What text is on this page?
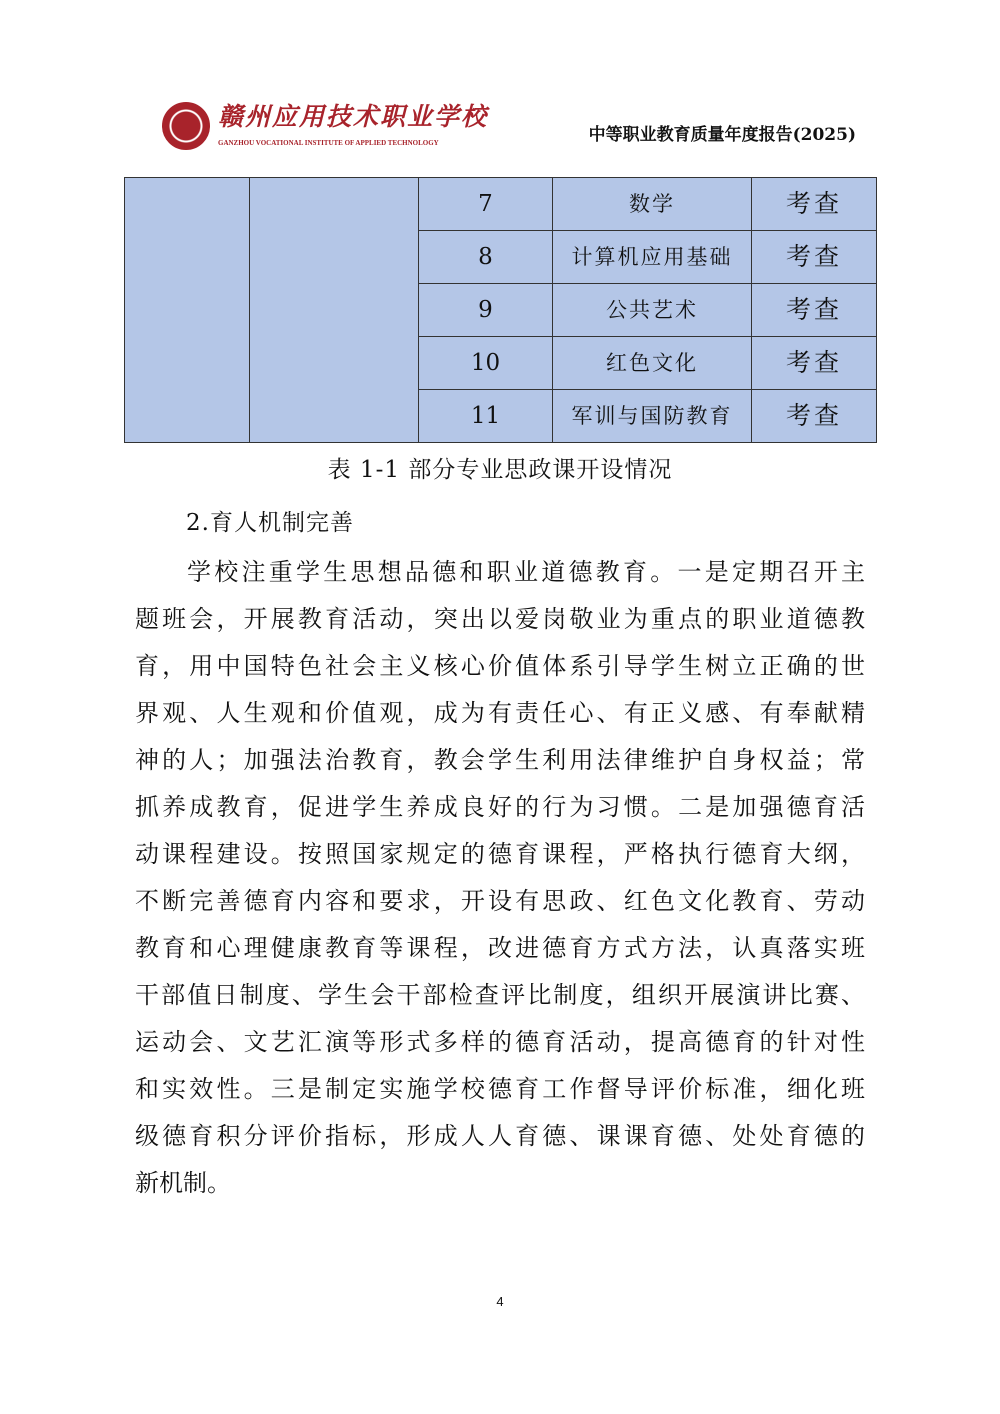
赣州应用技术职业学校
GANZHOU VOCATIONAL INSTITUTE OF APPLIED TECHNOLOGY	中等职业教育质量年度报告(2025)
		7	数学	考查
		8	计算机应用基础	考查
		9	公共艺术	考查
		10	红色文化	考查
		11	军训与国防教育	考查
表 1-1 部分专业思政课开设情况
2.育人机制完善
学校注重学生思想品德和职业道德教育。一是定期召开主
题班会，开展教育活动，突出以爱岗敬业为重点的职业道德教
育，用中国特色社会主义核心价值体系引导学生树立正确的世
界观、人生观和价值观，成为有责任心、有正义感、有奉献精
神的人；加强法治教育，教会学生利用法律维护自身权益；常
抓养成教育，促进学生养成良好的行为习惯。二是加强德育活
动课程建设。按照国家规定的德育课程，严格执行德育大纲，
不断完善德育内容和要求，开设有思政、红色文化教育、劳动
教育和心理健康教育等课程，改进德育方式方法，认真落实班
干部值日制度、学生会干部检查评比制度，组织开展演讲比赛、
运动会、文艺汇演等形式多样的德育活动，提高德育的针对性
和实效性。三是制定实施学校德育工作督导评价标准，细化班
级德育积分评价指标，形成人人育德、课课育德、处处育德的
新机制。
4
